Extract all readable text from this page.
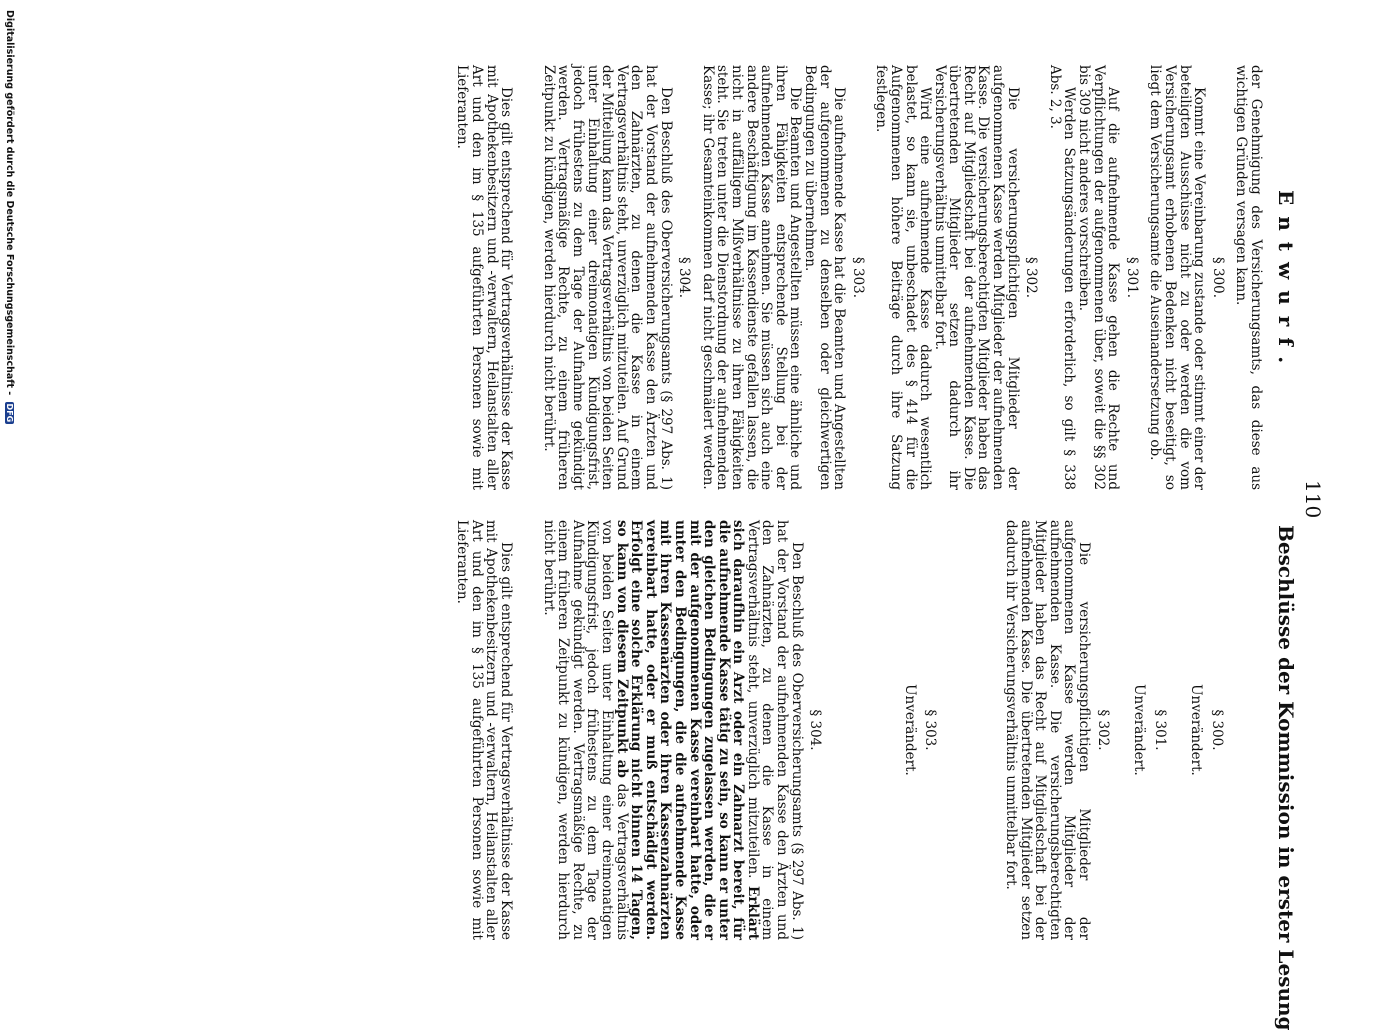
110
Entwurf.
Beschlüsse der Kommission in erster Lesung

der Genehmigung des Versicherungsamts, das diese aus wichtigen Gründen versagen kann.

§ 300.

Kommt eine Vereinbarung zustande oder stimmt einer der beteiligten Ausschüsse nicht zu oder werden die vom Versicherungsamt erhobenen Bedenken nicht beseitigt, so liegt dem Versicherungsamte die Auseinandersetzung ob.

§ 301.

Auf die aufnehmende Kasse gehen die Rechte und Verpflichtungen der aufgenommenen über, soweit die §§ 302 bis 309 nicht anderes vorschreiben.

Werden Satzungsänderungen erforderlich, so gilt § 338 Abs. 2, 3.

§ 302.

Die versicherungspflichtigen Mitglieder der aufgenommenen Kasse werden Mitglieder der aufnehmenden Kasse. Die versicherungsberechtigten Mitglieder haben das Recht auf Mitgliedschaft bei der aufnehmenden Kasse. Die übertretenden Mitglieder setzen dadurch ihr Versicherungsverhältnis unmittelbar fort.

Wird eine aufnehmende Kasse dadurch wesentlich belastet, so kann sie, unbeschadet des § 414 für die Aufgenommenen höhere Beiträge durch ihre Satzung festlegen.

§ 303.

Die aufnehmende Kasse hat die Beamten und Angestellten der aufgenommenen zu denselben oder gleichwertigen Bedingungen zu übernehmen.

Die Beamten und Angestellten müssen eine ähnliche und ihren Fähigkeiten entsprechende Stellung bei der aufnehmenden Kasse annehmen. Sie müssen sich auch eine andere Beschäftigung im Kassendienste gefallen lassen, die nicht in auffälligem Mißverhältnisse zu ihren Fähigkeiten steht. Sie treten unter die Dienstordnung der aufnehmenden Kasse; ihr Gesamteinkommen darf nicht geschmälert werden.

§ 304.

Den Beschluß des Oberversicherungsamts (§ 297 Abs. 1) hat der Vorstand der aufnehmenden Kasse den Ärzten und den Zahnärzten, zu denen die Kasse in einem Vertragsverhältnis steht, unverzüglich mitzuteilen. Auf Grund der Mitteilung kann das Vertragsverhältnis von beiden Seiten unter Einhaltung einer dreimonatigen Kündigungsfrist, jedoch frühestens zu dem Tage der Aufnahme gekündigt werden. Vertragsmäßige Rechte, zu einem früheren Zeitpunkt zu kündigen, werden hierdurch nicht berührt.

Dies gilt entsprechend für Vertragsverhältnisse der Kasse mit Apothekenbesitzern und -verwaltern, Heilanstalten aller Art und den im § 135 aufgeführten Personen sowie mit Lieferanten.

§ 300.
Unverändert.
§ 301.
Unverändert.
§ 302.

Die versicherungspflichtigen Mitglieder der aufgenommenen Kasse werden Mitglieder der aufnehmenden Kasse. Die versicherungsberechtigten Mitglieder haben das Recht auf Mitgliedschaft bei der aufnehmenden Kasse. Die übertretenden Mitglieder setzen dadurch ihr Versicherungsverhältnis unmittelbar fort.

§ 303.
Unverändert.
§ 304.

Den Beschluß des Oberversicherungsamts (§ 297 Abs. 1) hat der Vorstand der aufnehmenden Kasse den Ärzten und den Zahnärzten, zu denen die Kasse in einem Vertragsverhältnis steht, unverzüglich mitzuteilen. Erklärt sich daraufhin ein Arzt oder ein Zahnarzt bereit, für die aufnehmende Kasse tätig zu sein, so kann er unter den gleichen Bedingungen zugelassen werden, die er mit der aufgenommenen Kasse vereinbart hatte, oder unter den Bedingungen, die die aufnehmende Kasse mit ihren Kassenärzten oder ihren Kassenzahnärzten vereinbart hatte, oder er muß entschädigt werden. Erfolgt eine solche Erklärung nicht binnen 14 Tagen, so kann von diesem Zeitpunkt ab das Vertragsverhältnis von beiden Seiten unter Einhaltung einer dreimonatigen Kündigungsfrist, jedoch frühestens zu dem Tage der Aufnahme gekündigt werden. Vertragsmäßige Rechte, zu einem früheren Zeitpunkt zu kündigen, werden hierdurch nicht berührt.

Dies gilt entsprechend für Vertragsverhältnisse der Kasse mit Apothekenbesitzern und -verwaltern, Heilanstalten aller Art und den im § 135 aufgeführten Personen sowie mit Lieferanten.

Digitalisierung gefördert durch die Deutsche Forschungsgemeinschaft - DFG
